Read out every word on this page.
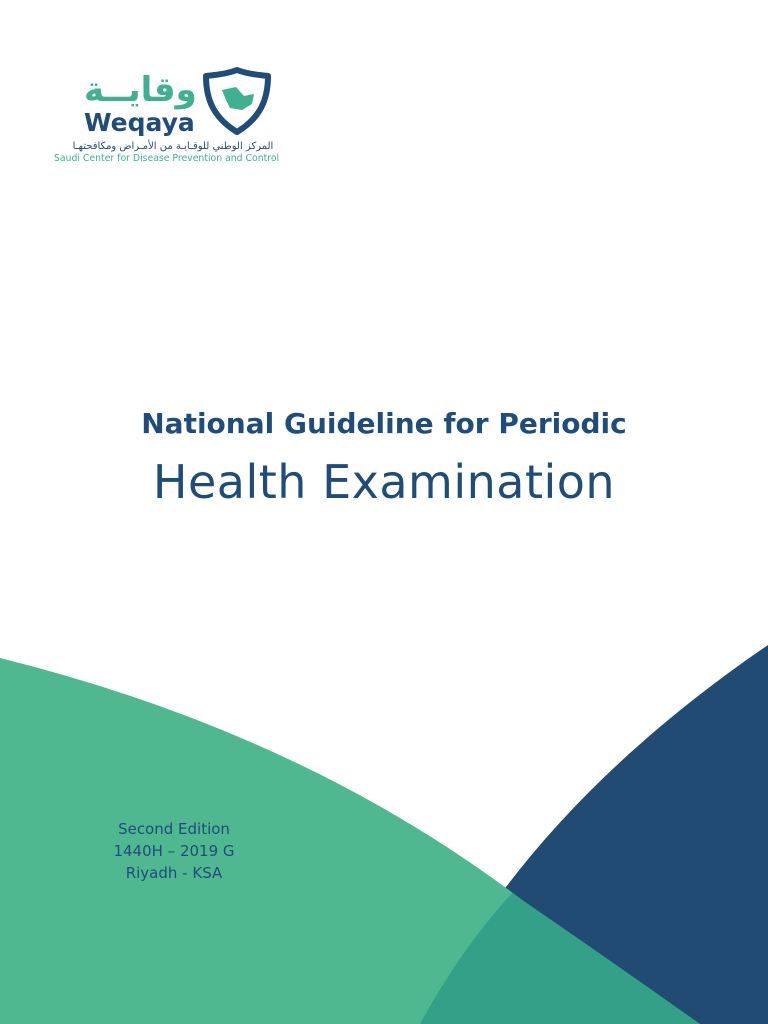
وقايــة
Weqaya
المركز الوطني للوقـايـة من الأمـراض ومكافحتهـا
Saudi Center for Disease Prevention and Control
National Guideline for Periodic
Health Examination
Second Edition
1440H – 2019 G
Riyadh - KSA
